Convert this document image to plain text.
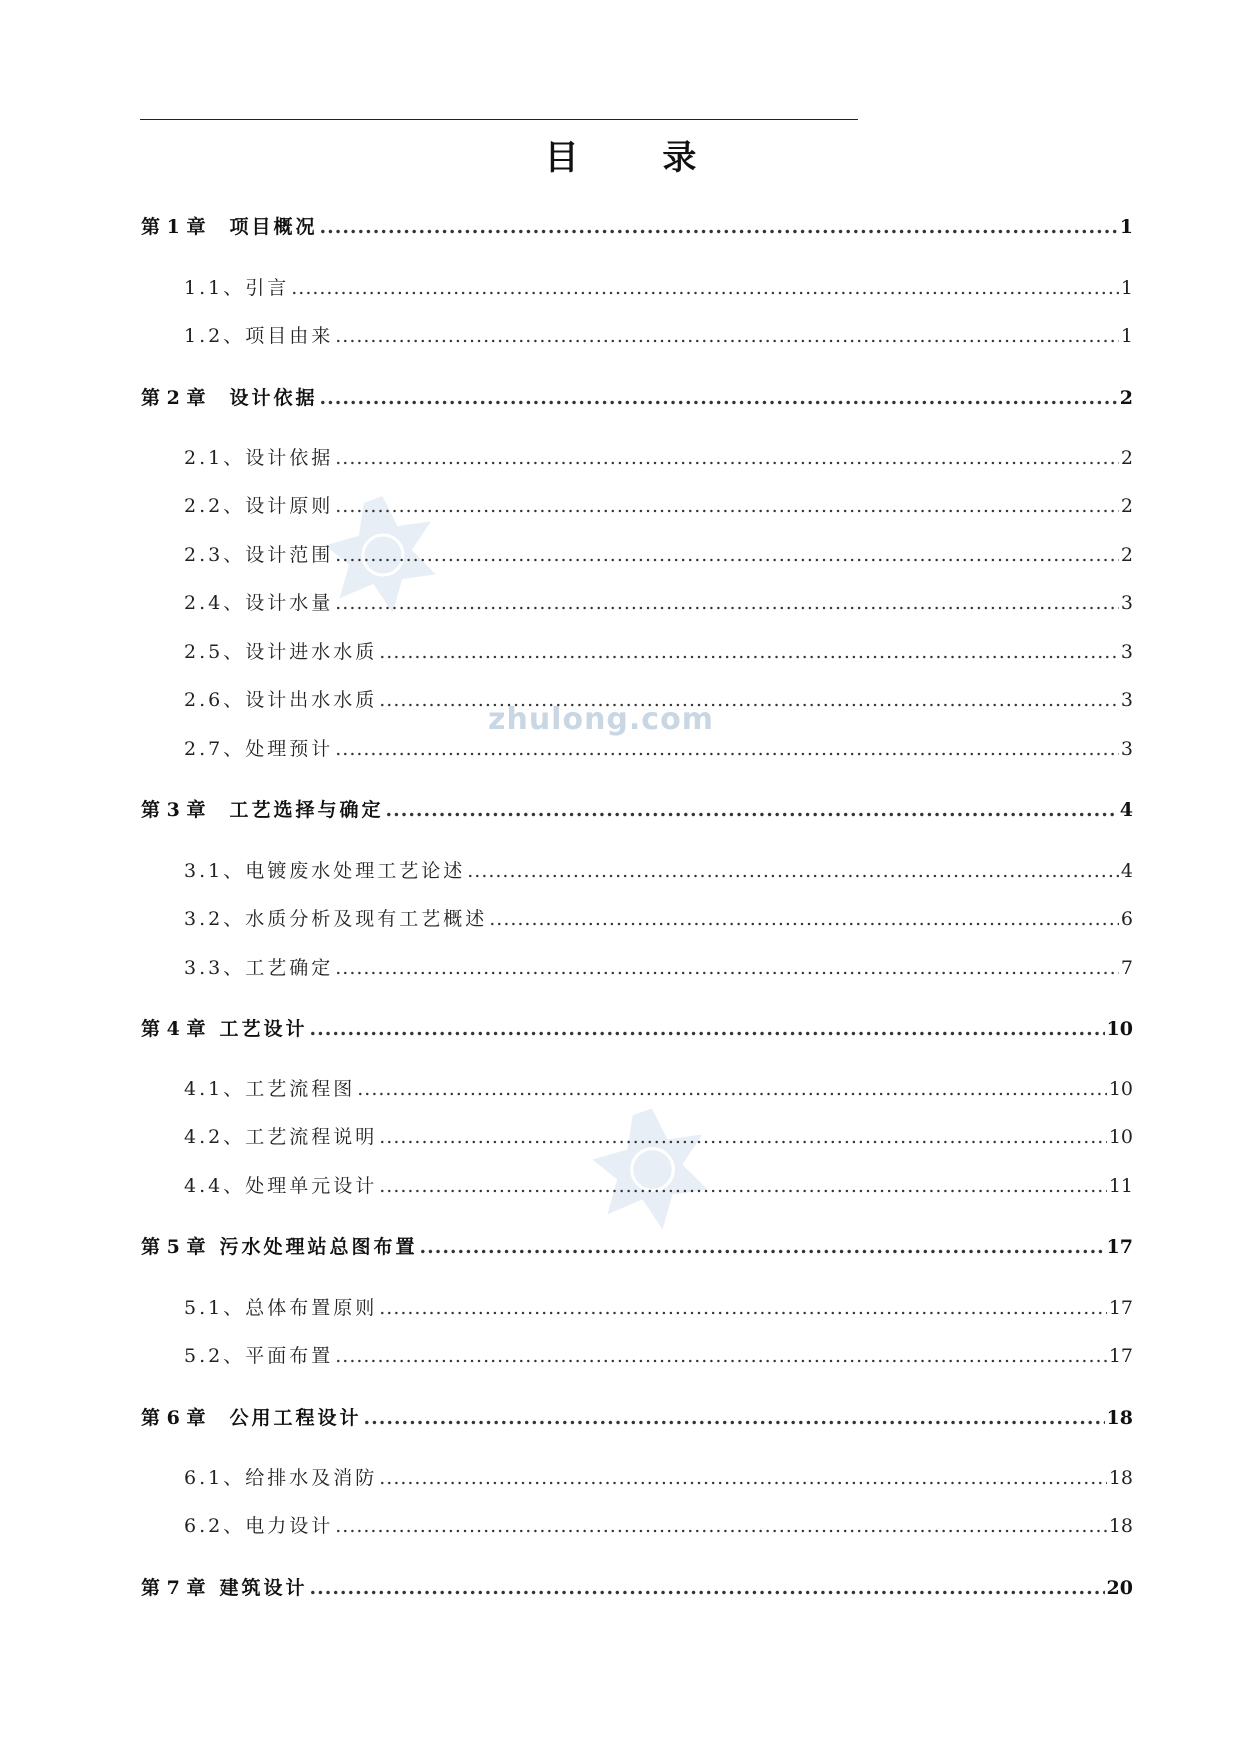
目 录
zhulong.com
第 1 章 项目概况 .....	1
1.1、 引言 .....	1
1.2、 项目由来 .....	1
第 2 章 设计依据 .....	2
2.1、 设计依据 .....	2
2.2、 设计原则 .....	2
2.3、 设计范围 .....	2
2.4、 设计水量 .....	3
2.5、 设计进水水质 .....	3
2.6、 设计出水水质 .....	3
2.7、 处理预计 .....	3
第 3 章 工艺选择与确定 .....	4
3.1、 电镀废水处理工艺论述 .....	4
3.2、 水质分析及现有工艺概述 .....	6
3.3、 工艺确定 .....	7
第 4 章 工艺设计 .....	10
4.1、 工艺流程图 .....	10
4.2、 工艺流程说明 .....	10
4.4、 处理单元设计 .....	11
第 5 章 污水处理站总图布置 .....	17
5.1、 总体布置原则 .....	17
5.2、 平面布置 .....	17
第 6 章 公用工程设计 .....	18
6.1、 给排水及消防 .....	18
6.2、 电力设计 .....	18
第 7 章 建筑设计 .....	20
